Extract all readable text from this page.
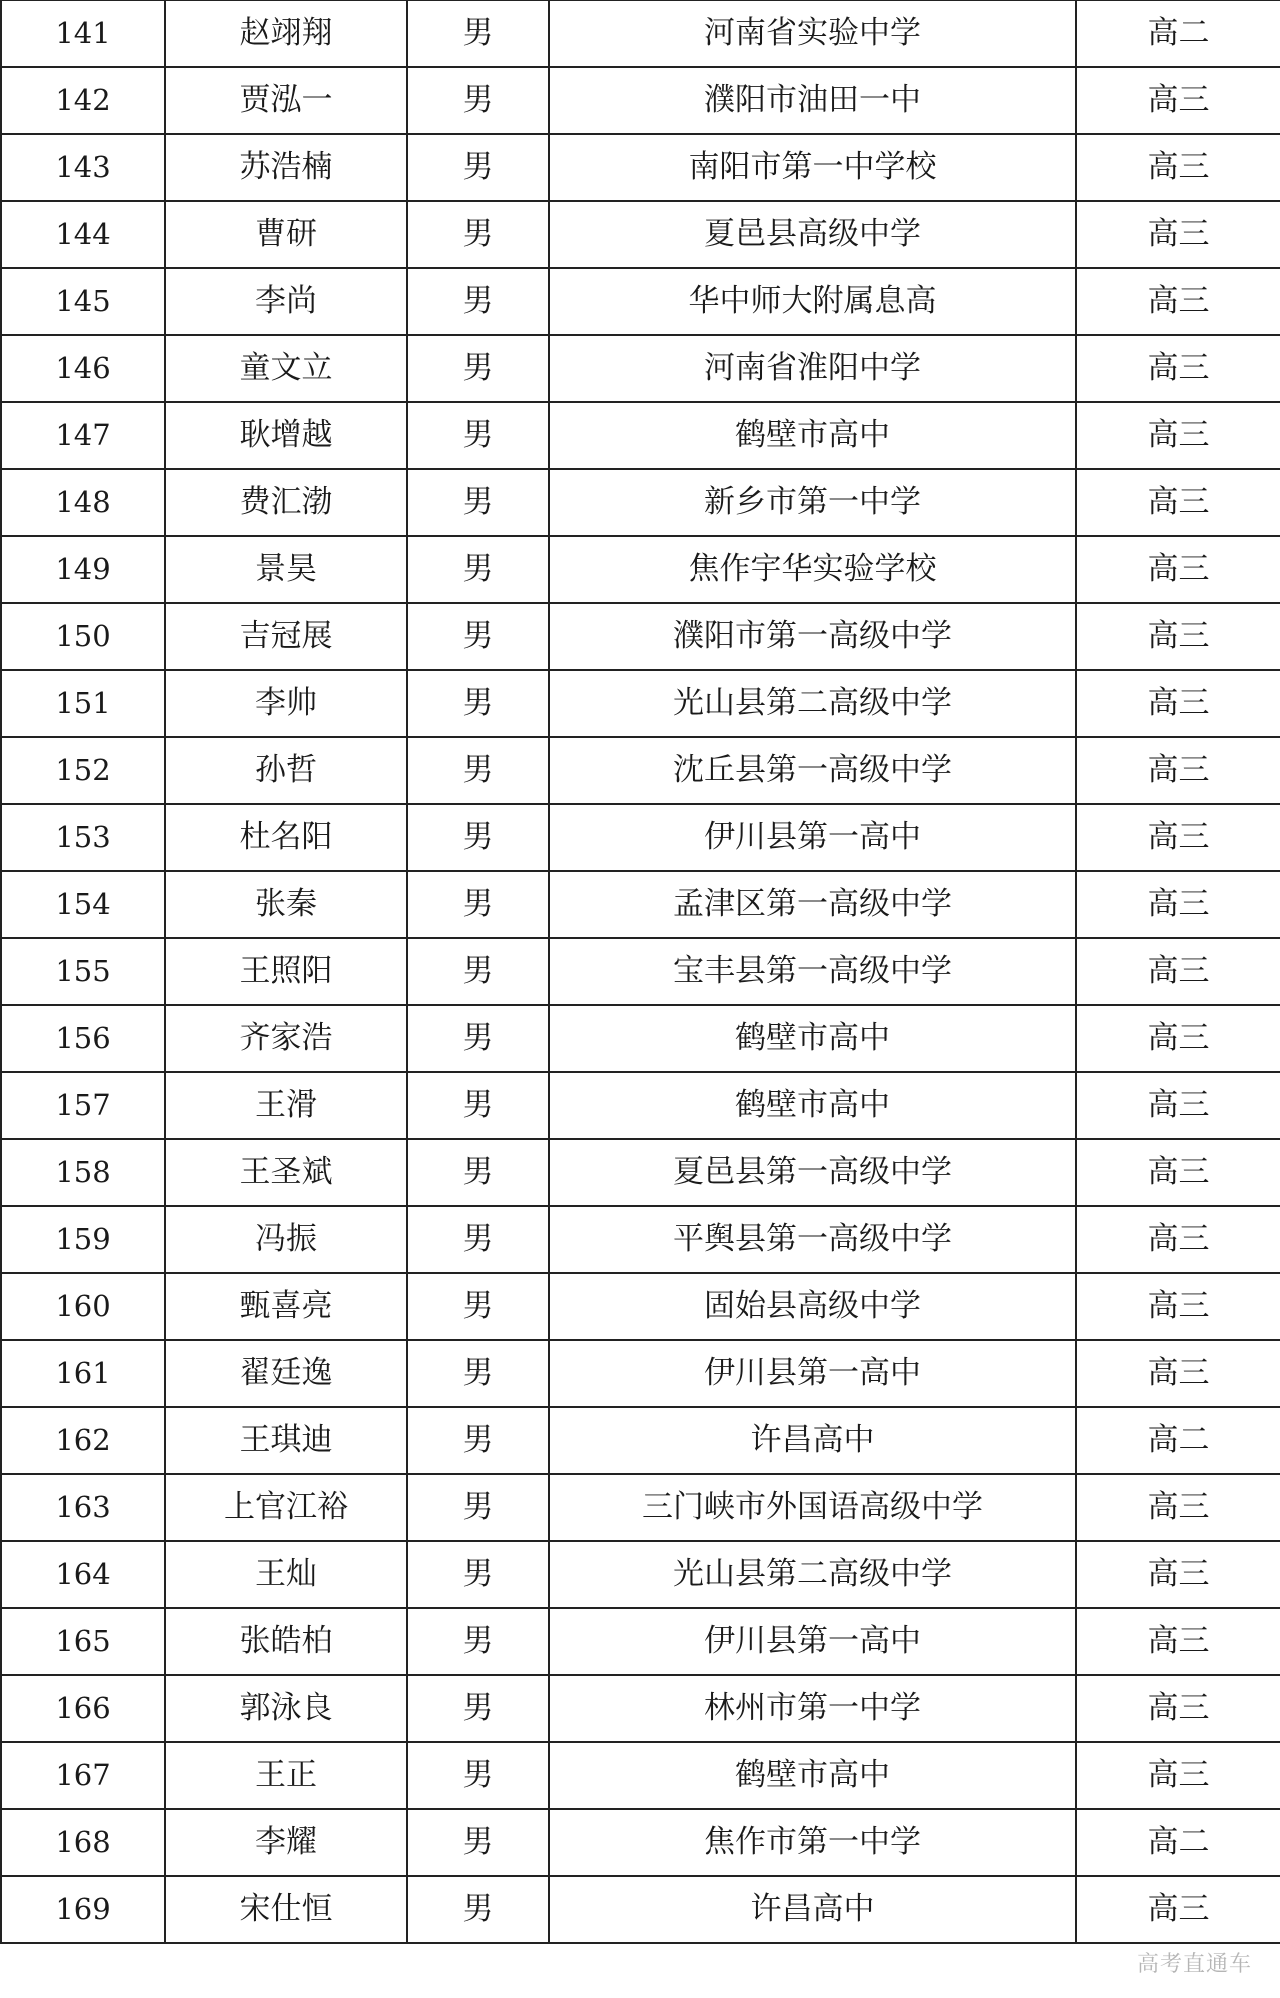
141	赵翊翔	男	河南省实验中学	高二
142	贾泓一	男	濮阳市油田一中	高三
143	苏浩楠	男	南阳市第一中学校	高三
144	曹研	男	夏邑县高级中学	高三
145	李尚	男	华中师大附属息高	高三
146	童文立	男	河南省淮阳中学	高三
147	耿增越	男	鹤壁市高中	高三
148	费汇渤	男	新乡市第一中学	高三
149	景昊	男	焦作宇华实验学校	高三
150	吉冠展	男	濮阳市第一高级中学	高三
151	李帅	男	光山县第二高级中学	高三
152	孙哲	男	沈丘县第一高级中学	高三
153	杜名阳	男	伊川县第一高中	高三
154	张秦	男	孟津区第一高级中学	高三
155	王照阳	男	宝丰县第一高级中学	高三
156	齐家浩	男	鹤壁市高中	高三
157	王滑	男	鹤壁市高中	高三
158	王圣斌	男	夏邑县第一高级中学	高三
159	冯振	男	平舆县第一高级中学	高三
160	甄喜亮	男	固始县高级中学	高三
161	翟廷逸	男	伊川县第一高中	高三
162	王琪迪	男	许昌高中	高二
163	上官江裕	男	三门峡市外国语高级中学	高三
164	王灿	男	光山县第二高级中学	高三
165	张皓柏	男	伊川县第一高中	高三
166	郭泳良	男	林州市第一中学	高三
167	王正	男	鹤壁市高中	高三
168	李耀	男	焦作市第一中学	高二
169	宋仕恒	男	许昌高中	高三
高考直通车
